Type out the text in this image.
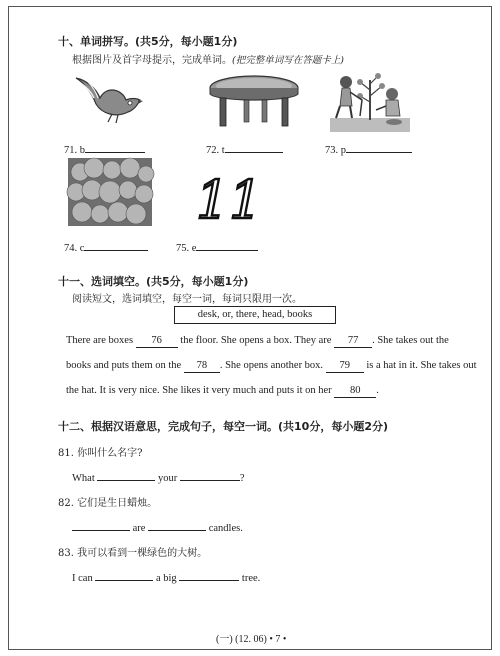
十、单词拼写。(共5分，每小题1分)
根据图片及首字母提示，完成单词。(把完整单词写在答题卡上)
71. b	72. t	73. p
11
74. c	75. e
十一、选词填空。(共5分，每小题1分)
阅读短文，选词填空，每空一词，每词只限用一次。
desk, or, there, head, books
There are boxes 76 the floor. She opens a box. They are 77 . She takes out the
books and puts them on the 78 . She opens another box. 79 is a hat in it. She takes out
the hat. It is very nice. She likes it very much and puts it on her 80 .
十二、根据汉语意思，完成句子，每空一词。(共10分，每小题2分)
81. 你叫什么名字?
What	your	?
82. 它们是生日蜡烛。
are	candles.
83. 我可以看到一棵绿色的大树。
I can	a big	tree.
(一) (12. 06) • 7 •
